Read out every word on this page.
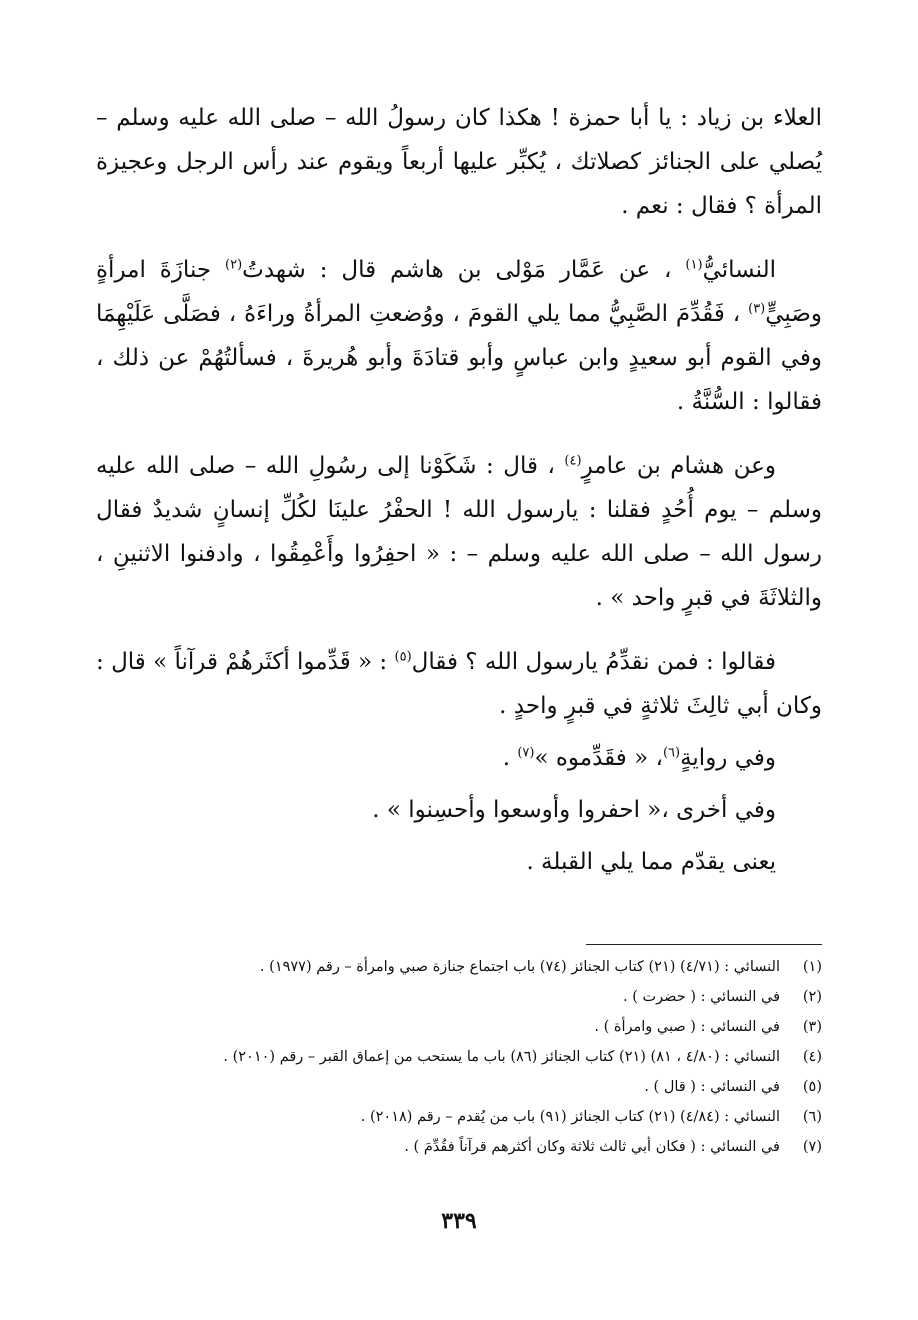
العلاء بن زياد : يا أبا حمزة ! هكذا كان رسولُ الله – صلى الله عليه وسلم – يُصلي على الجنائز كصلاتك ، يُكبِّر عليها أربعاً ويقوم عند رأس الرجل وعجيزة المرأة ؟ فقال : نعم .

النسائيُّ$^{(١)}$ ، عن عَمَّار مَوْلى بن هاشم قال : شهدتُ$^{(٢)}$ جنازَةَ امرأةٍ وصَبِيٍّ$^{(٣)}$ ، فَقُدِّمَ الصَّبِيُّ مما يلي القومَ ، ووُضعتِ المرأةُ وراءَهُ ، فصَلَّى عَلَيْهِمَا وفي القوم أبو سعيدٍ وابن عباسٍ وأبو قتادَةَ وأبو هُريرةَ ، فسألتُهُمْ عن ذلك ، فقالوا : السُّنَّةُ .

وعن هشام بن عامرٍ$^{(٤)}$ ، قال : شَكَوْنا إلى رسُولِ الله – صلى الله عليه وسلم – يوم أُحُدٍ فقلنا : يارسول الله ! الحفْرُ علينَا لكُلِّ إنسانٍ شديدٌ فقال رسول الله – صلى الله عليه وسلم – : « احفِرُوا وأَعْمِقُوا ، وادفنوا الاثنينِ ، والثلاثَةَ في قبرٍ واحد » .

فقالوا : فمن نقدِّمُ يارسول الله ؟ فقال$^{(٥)}$ : « قَدِّموا أكثَرهُمْ قرآناً » قال : وكان أبي ثالِثَ ثلاثةٍ في قبرٍ واحدٍ .

وفي روايةٍ$^{(٦)}$، « فقَدِّموه »$^{(٧)}$ .

وفي أخرى ،« احفروا وأوسعوا وأحسِنوا » .

يعنى يقدّم مما يلي القبلة .

(١)
النسائي : (٤/٧١) (٢١) كتاب الجنائز (٧٤) باب اجتماع جنازة صبي وامرأة – رقم (١٩٧٧) .
(٢)
في النسائي : ( حضرت ) .
(٣)
في النسائي : ( صبي وامرأة ) .
(٤)
النسائي : (٤/٨٠ ، ٨١) (٢١) كتاب الجنائز (٨٦) باب ما يستحب من إعماق القبر – رقم (٢٠١٠) .
(٥)
في النسائي : ( قال ) .
(٦)
النسائي : (٤/٨٤) (٢١) كتاب الجنائز (٩١) باب من يُقدم – رقم (٢٠١٨) .
(٧)
في النسائي : ( فكان أبي ثالث ثلاثة وكان أكثرهم قرآناً فقُدِّمَ ) .
٣٣٩
